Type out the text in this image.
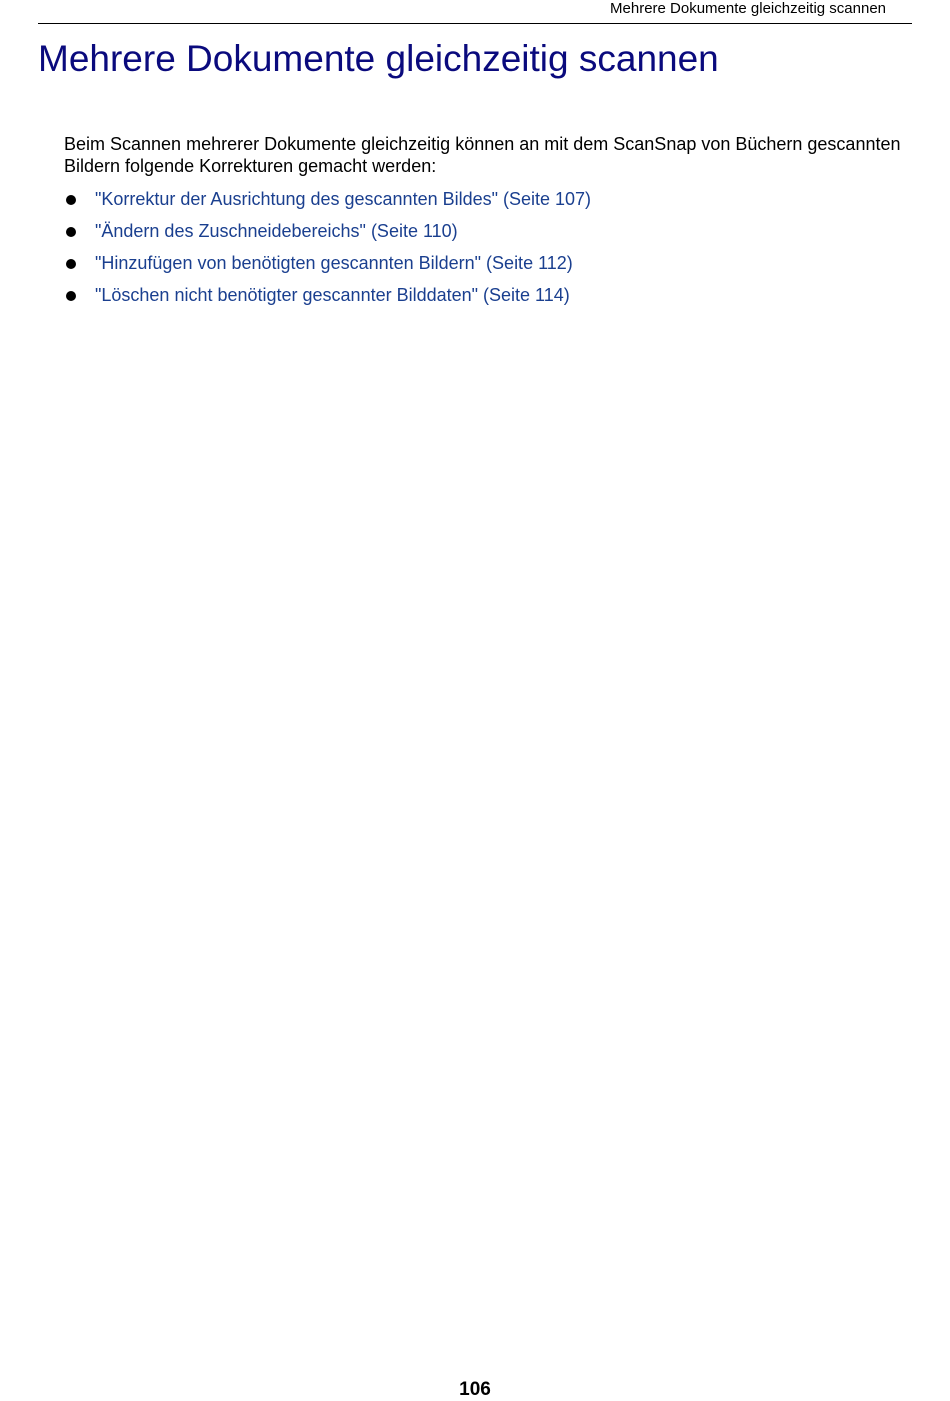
Mehrere Dokumente gleichzeitig scannen
Mehrere Dokumente gleichzeitig scannen

Beim Scannen mehrerer Dokumente gleichzeitig können an mit dem ScanSnap von Büchern gescannten Bildern folgende Korrekturen gemacht werden:

"Korrektur der Ausrichtung des gescannten Bildes" (Seite 107)
"Ändern des Zuschneidebereichs" (Seite 110)
"Hinzufügen von benötigten gescannten Bildern" (Seite 112)
"Löschen nicht benötigter gescannter Bilddaten" (Seite 114)
106
